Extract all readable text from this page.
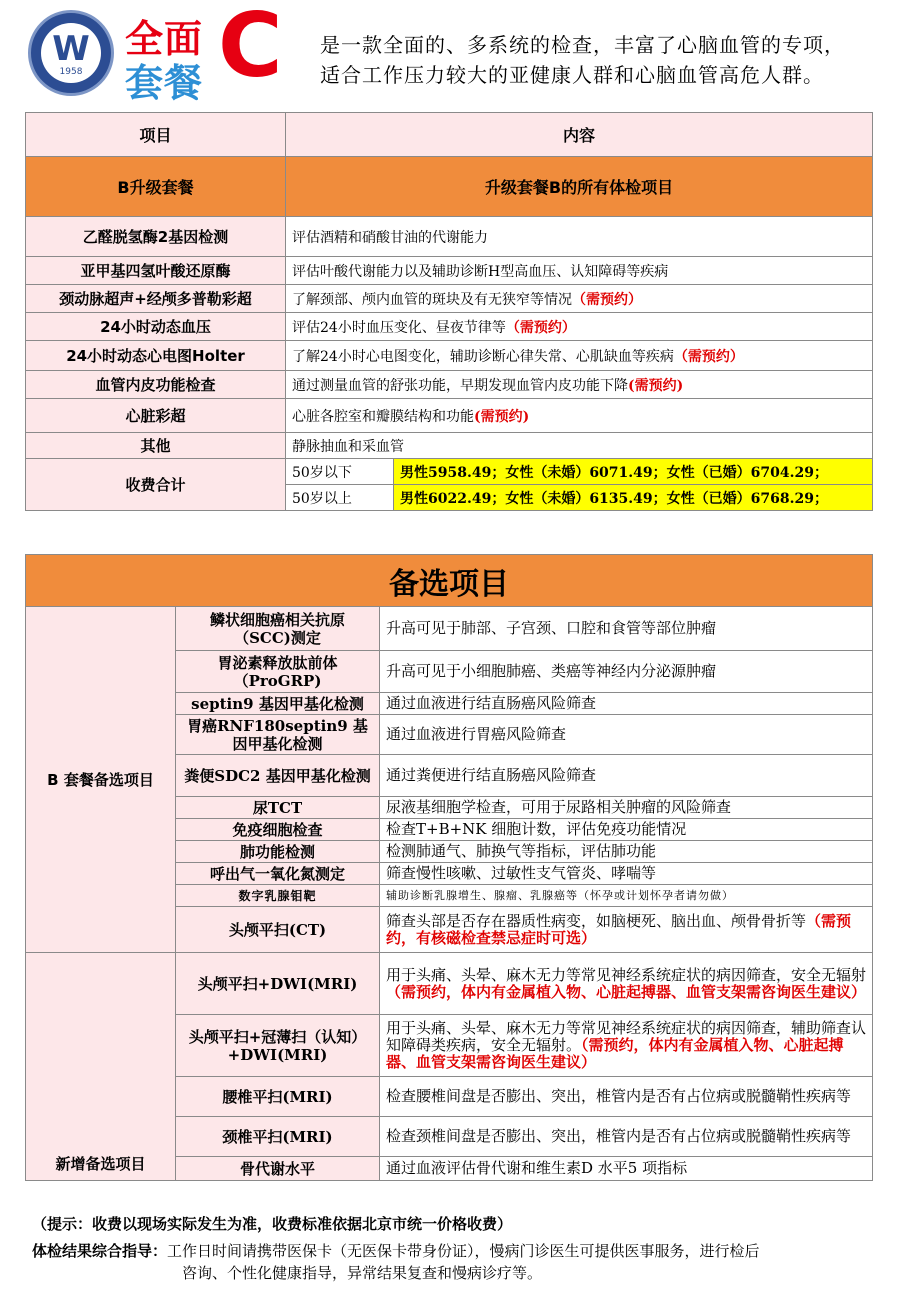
W
1958
全面
套餐 C 是一款全面的、多系统的检查，丰富了心脑血管的专项，
适合工作压力较大的亚健康人群和心脑血管高危人群。
项目	内容	
B升级套餐	升级套餐B的所有体检项目	
乙醛脱氢酶2基因检测	评估酒精和硝酸甘油的代谢能力	
亚甲基四氢叶酸还原酶	评估叶酸代谢能力以及辅助诊断H型高血压、认知障碍等疾病	
颈动脉超声+经颅多普勒彩超	了解颈部、颅内血管的斑块及有无狭窄等情况（需预约）	
24小时动态血压	评估24小时血压变化、昼夜节律等（需预约）	
24小时动态心电图Holter	了解24小时心电图变化，辅助诊断心律失常、心肌缺血等疾病（需预约）	
血管内皮功能检查	通过测量血管的舒张功能，早期发现血管内皮功能下降(需预约)	
心脏彩超	心脏各腔室和瓣膜结构和功能(需预约)	
其他	静脉抽血和采血管	
收费合计	50岁以下	男性5958.49；女性（未婚）6071.49；女性（已婚）6704.29；
	50岁以上	男性6022.49；女性（未婚）6135.49；女性（已婚）6768.29；
备选项目		
B 套餐备选项目	鳞状细胞癌相关抗原（SCC)测定	升高可见于肺部、子宫颈、口腔和食管等部位肿瘤
	胃泌素释放肽前体（ProGRP)	升高可见于小细胞肺癌、类癌等神经内分泌源肿瘤
	septin9 基因甲基化检测	通过血液进行结直肠癌风险筛查
	胃癌RNF180septin9 基因甲基化检测	通过血液进行胃癌风险筛查
	粪便SDC2 基因甲基化检测	通过粪便进行结直肠癌风险筛查
	尿TCT	尿液基细胞学检查，可用于尿路相关肿瘤的风险筛查
	免疫细胞检查	检查T+B+NK 细胞计数，评估免疫功能情况
	肺功能检测	检测肺通气、肺换气等指标，评估肺功能
	呼出气一氧化氮测定	筛查慢性咳嗽、过敏性支气管炎、哮喘等
	数字乳腺钼靶	辅助诊断乳腺增生、腺瘤、乳腺癌等（怀孕或计划怀孕者请勿做）
	头颅平扫(CT)	筛查头部是否存在器质性病变，如脑梗死、脑出血、颅骨骨折等（需预约，有核磁检查禁忌症时可选）
新增备选项目	头颅平扫+DWI(MRI)	用于头痛、头晕、麻木无力等常见神经系统症状的病因筛查，安全无辐射（需预约，体内有金属植入物、心脏起搏器、血管支架需咨询医生建议）
	头颅平扫+冠薄扫（认知）+DWI(MRI)	用于头痛、头晕、麻木无力等常见神经系统症状的病因筛查，辅助筛查认知障碍类疾病，安全无辐射。（需预约，体内有金属植入物、心脏起搏器、血管支架需咨询医生建议）
	腰椎平扫(MRI)	检查腰椎间盘是否膨出、突出，椎管内是否有占位病或脱髓鞘性疾病等
	颈椎平扫(MRI)	检查颈椎间盘是否膨出、突出，椎管内是否有占位病或脱髓鞘性疾病等
	骨代谢水平	通过血液评估骨代谢和维生素D 水平5 项指标
（提示：收费以现场实际发生为准，收费标准依据北京市统一价格收费）
体检结果综合指导：工作日时间请携带医保卡（无医保卡带身份证），慢病门诊医生可提供医事服务，进行检后
咨询、个性化健康指导，异常结果复查和慢病诊疗等。
